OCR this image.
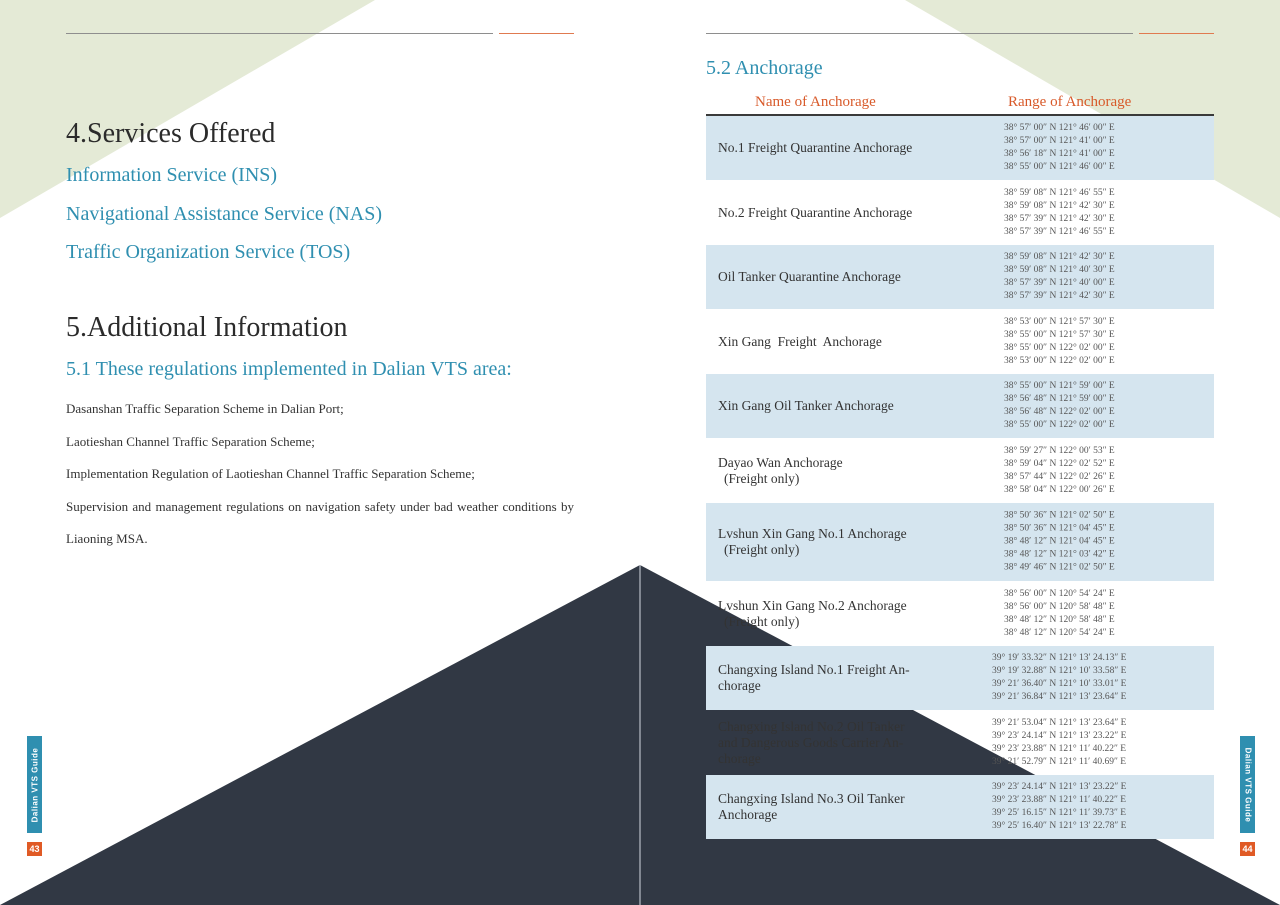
4.Services Offered

Information Service (INS)

Navigational Assistance Service (NAS)

Traffic Organization Service (TOS)

5.Additional Information

5.1 These regulations implemented in Dalian VTS area:

Dasanshan Traffic Separation Scheme in Dalian Port;
Laotieshan Channel Traffic Separation Scheme;
Implementation Regulation of Laotieshan Channel Traffic Separation Scheme;
Supervision and management regulations on navigation safety under bad weather conditions by Liaoning MSA.
Dalian VTS Guide
43
5.2 Anchorage
Name of Anchorage	Range of Anchorage
No.1 Freight Quarantine Anchorage
38° 57′ 00″ N 121° 46′ 00″ E
38° 57′ 00″ N 121° 41′ 00″ E
38° 56′ 18″ N 121° 41′ 00″ E
38° 55′ 00″ N 121° 46′ 00″ E
No.2 Freight Quarantine Anchorage
38° 59′ 08″ N 121° 46′ 55″ E
38° 59′ 08″ N 121° 42′ 30″ E
38° 57′ 39″ N 121° 42′ 30″ E
38° 57′ 39″ N 121° 46′ 55″ E
Oil Tanker Quarantine Anchorage
38° 59′ 08″ N 121° 42′ 30″ E
38° 59′ 08″ N 121° 40′ 30″ E
38° 57′ 39″ N 121° 40′ 00″ E
38° 57′ 39″ N 121° 42′ 30″ E
Xin Gang  Freight  Anchorage
38° 53′ 00″ N 121° 57′ 30″ E
38° 55′ 00″ N 121° 57′ 30″ E
38° 55′ 00″ N 122° 02′ 00″ E
38° 53′ 00″ N 122° 02′ 00″ E
Xin Gang Oil Tanker Anchorage
38° 55′ 00″ N 121° 59′ 00″ E
38° 56′ 48″ N 121° 59′ 00″ E
38° 56′ 48″ N 122° 02′ 00″ E
38° 55′ 00″ N 122° 02′ 00″ E
Dayao Wan Anchorage
(Freight only)
38° 59′ 27″ N 122° 00′ 53″ E
38° 59′ 04″ N 122° 02′ 52″ E
38° 57′ 44″ N 122° 02′ 26″ E
38° 58′ 04″ N 122° 00′ 26″ E
Lvshun Xin Gang No.1 Anchorage
(Freight only)
38° 50′ 36″ N 121° 02′ 50″ E
38° 50′ 36″ N 121° 04′ 45″ E
38° 48′ 12″ N 121° 04′ 45″ E
38° 48′ 12″ N 121° 03′ 42″ E
38° 49′ 46″ N 121° 02′ 50″ E
Lvshun Xin Gang No.2 Anchorage
(Freight only)
38° 56′ 00″ N 120° 54′ 24″ E
38° 56′ 00″ N 120° 58′ 48″ E
38° 48′ 12″ N 120° 58′ 48″ E
38° 48′ 12″ N 120° 54′ 24″ E
Changxing Island No.1 Freight An-chorage
39° 19′ 33.32″ N 121° 13′ 24.13″ E
39° 19′ 32.88″ N 121° 10′ 33.58″ E
39° 21′ 36.40″ N 121° 10′ 33.01″ E
39° 21′ 36.84″ N 121° 13′ 23.64″ E
Changxing Island No.2 Oil Tanker and Dangerous Goods Carrier An-chorage
39° 21′ 53.04″ N 121° 13′ 23.64″ E
39° 23′ 24.14″ N 121° 13′ 23.22″ E
39° 23′ 23.88″ N 121° 11′ 40.22″ E
39° 21′ 52.79″ N 121° 11′ 40.69″ E
Changxing Island No.3 Oil Tanker Anchorage
39° 23′ 24.14″ N 121° 13′ 23.22″ E
39° 23′ 23.88″ N 121° 11′ 40.22″ E
39° 25′ 16.15″ N 121° 11′ 39.73″ E
39° 25′ 16.40″ N 121° 13′ 22.78″ E
Dalian VTS Guide
44
